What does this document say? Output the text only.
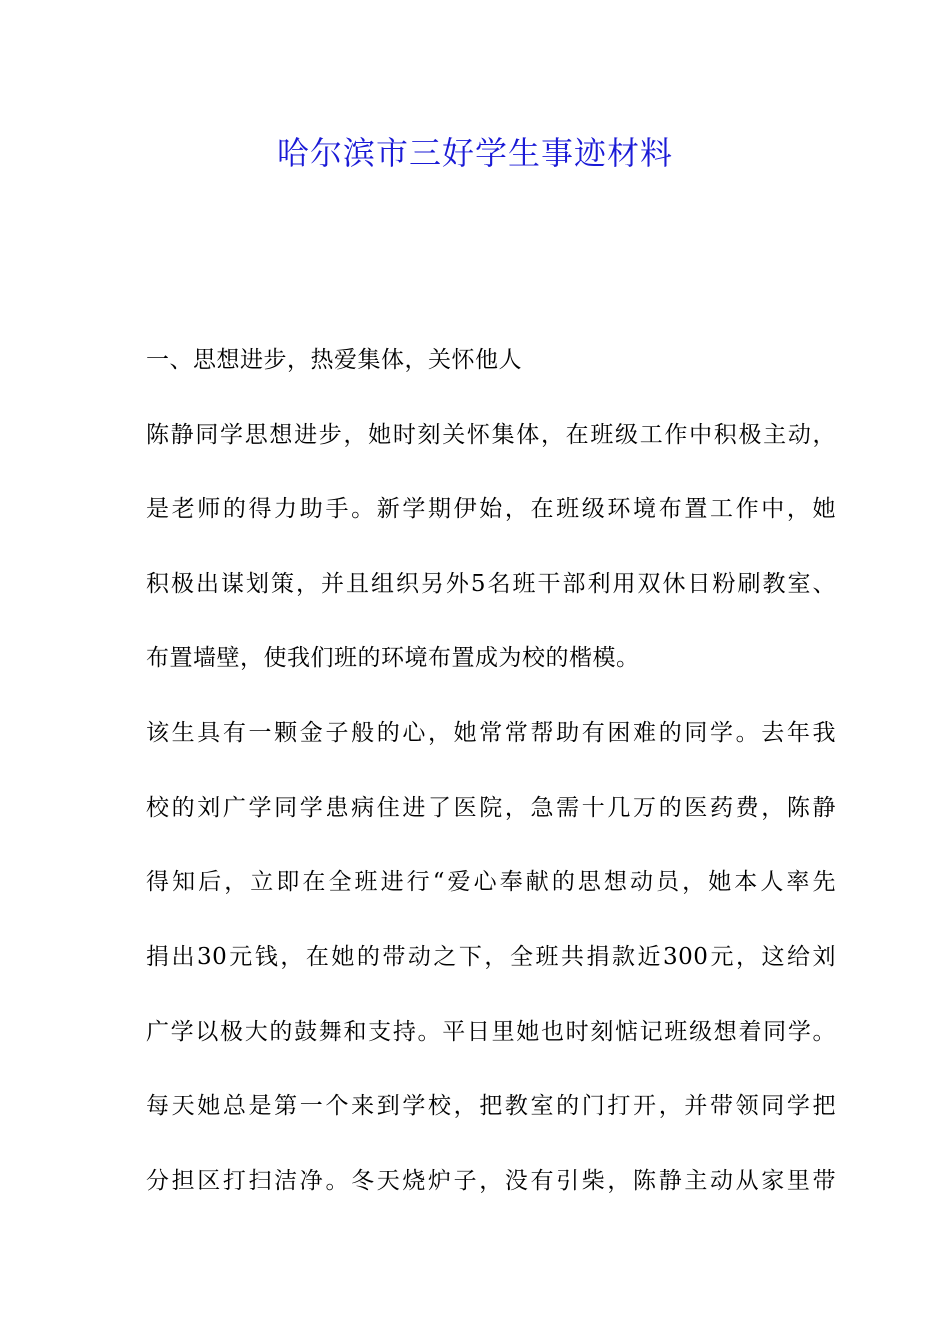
哈尔滨市三好学生事迹材料

一、思想进步，热爱集体，关怀他人

陈静同学思想进步，她时刻关怀集体，在班级工作中积极主动，

是老师的得力助手。新学期伊始，在班级环境布置工作中，她

积极出谋划策，并且组织另外5名班干部利用双休日粉刷教室、

布置墙壁，使我们班的环境布置成为校的楷模。

该生具有一颗金子般的心，她常常帮助有困难的同学。去年我

校的刘广学同学患病住进了医院，急需十几万的医药费，陈静

得知后，立即在全班进行“爱心奉献的思想动员，她本人率先

捐出30元钱，在她的带动之下，全班共捐款近300元，这给刘

广学以极大的鼓舞和支持。平日里她也时刻惦记班级想着同学。

每天她总是第一个来到学校，把教室的门打开，并带领同学把

分担区打扫洁净。冬天烧炉子，没有引柴，陈静主动从家里带
